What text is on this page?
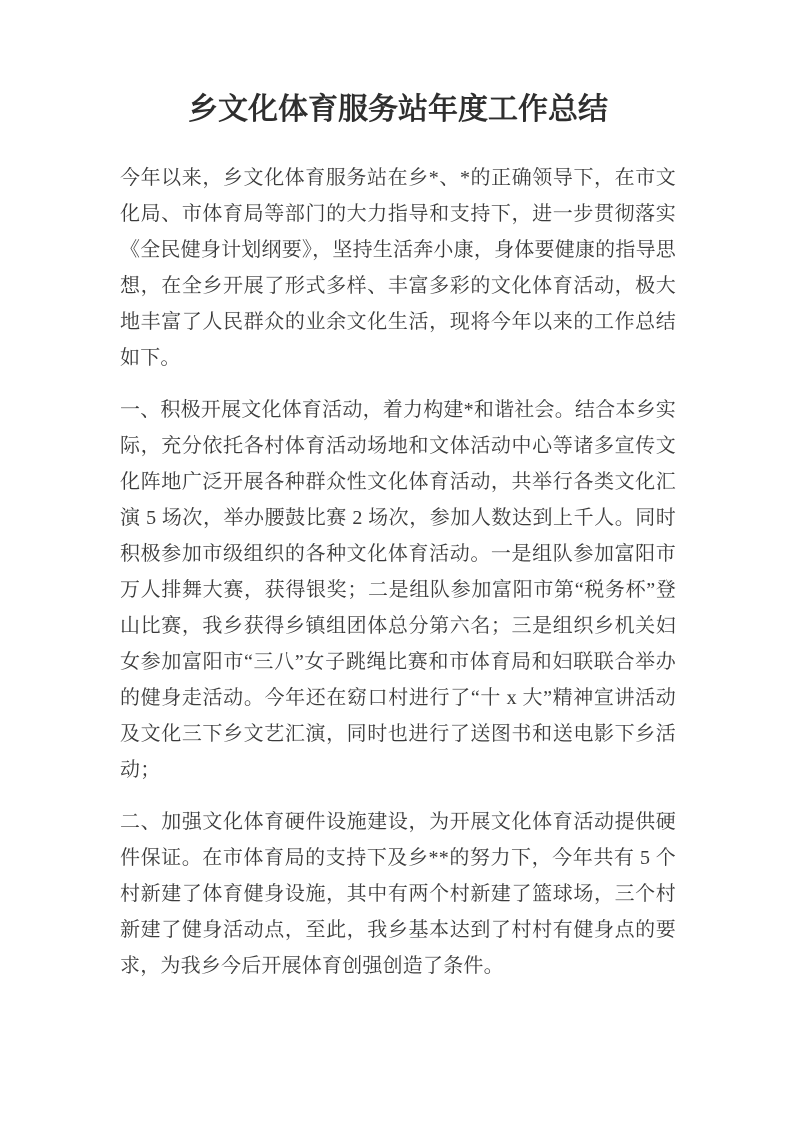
乡文化体育服务站年度工作总结

今年以来，乡文化体育服务站在乡*、*的正确领导下，在市文化局、市体育局等部门的大力指导和支持下，进一步贯彻落实《全民健身计划纲要》，坚持生活奔小康，身体要健康的指导思想，在全乡开展了形式多样、丰富多彩的文化体育活动，极大地丰富了人民群众的业余文化生活，现将今年以来的工作总结如下。

一、积极开展文化体育活动，着力构建*和谐社会。结合本乡实际，充分依托各村体育活动场地和文体活动中心等诸多宣传文化阵地广泛开展各种群众性文化体育活动，共举行各类文化汇演 5 场次，举办腰鼓比赛 2 场次，参加人数达到上千人。同时积极参加市级组织的各种文化体育活动。一是组队参加富阳市万人排舞大赛，获得银奖；二是组队参加富阳市第“税务杯”登山比赛，我乡获得乡镇组团体总分第六名；三是组织乡机关妇女参加富阳市“三八”女子跳绳比赛和市体育局和妇联联合举办的健身走活动。今年还在窈口村进行了“十 x 大”精神宣讲活动及文化三下乡文艺汇演，同时也进行了送图书和送电影下乡活动；

二、加强文化体育硬件设施建设，为开展文化体育活动提供硬件保证。在市体育局的支持下及乡**的努力下，今年共有 5 个村新建了体育健身设施，其中有两个村新建了篮球场，三个村新建了健身活动点，至此，我乡基本达到了村村有健身点的要求，为我乡今后开展体育创强创造了条件。
